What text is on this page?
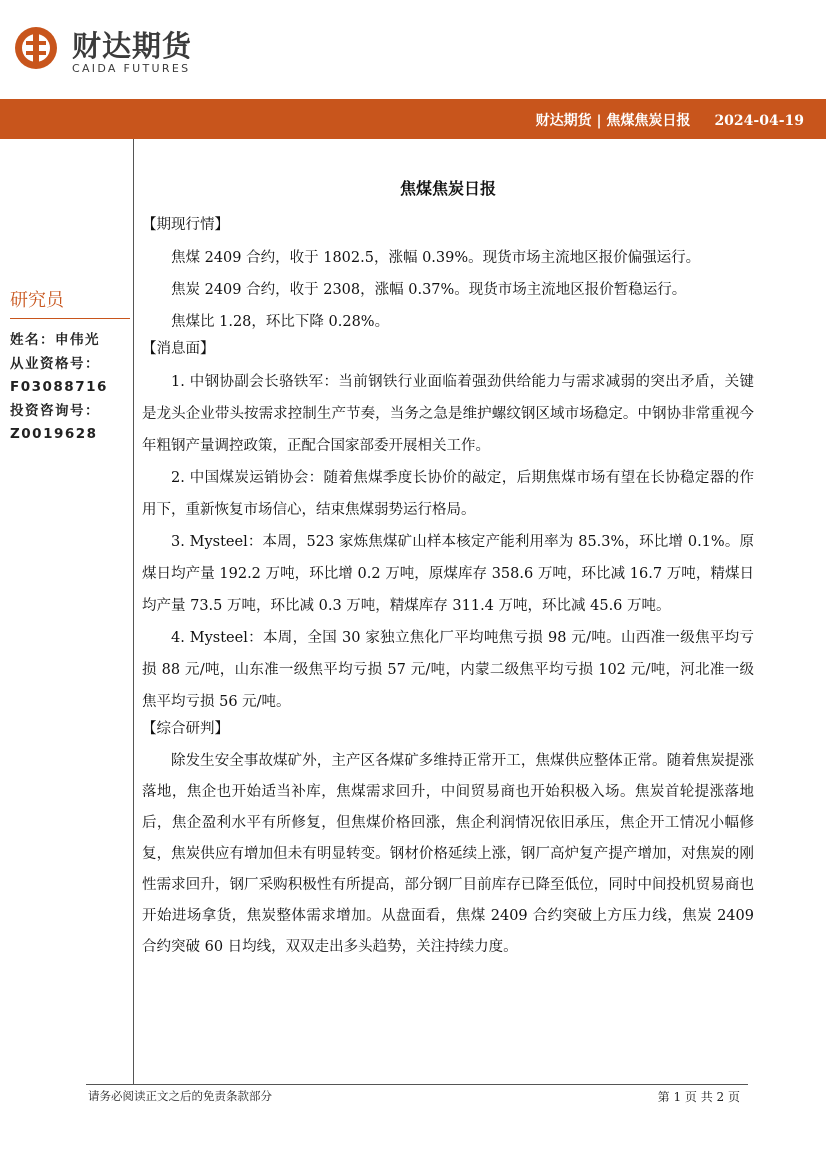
财达期货
CAIDA FUTURES
财达期货 | 焦煤焦炭日报 2024-04-19
研究员
姓名：申伟光
从业资格号：
F03088716
投资咨询号：
Z0019628
焦煤焦炭日报
【期现行情】

焦煤 2409 合约，收于 1802.5，涨幅 0.39%。现货市场主流地区报价偏强运行。

焦炭 2409 合约，收于 2308，涨幅 0.37%。现货市场主流地区报价暂稳运行。

焦煤比 1.28，环比下降 0.28%。

【消息面】

1. 中钢协副会长骆铁军：当前钢铁行业面临着强劲供给能力与需求减弱的突出矛盾，关键是龙头企业带头按需求控制生产节奏，当务之急是维护螺纹钢区域市场稳定。中钢协非常重视今年粗钢产量调控政策，正配合国家部委开展相关工作。

2. 中国煤炭运销协会：随着焦煤季度长协价的敲定，后期焦煤市场有望在长协稳定器的作用下，重新恢复市场信心，结束焦煤弱势运行格局。

3. Mysteel：本周，523 家炼焦煤矿山样本核定产能利用率为 85.3%，环比增 0.1%。原煤日均产量 192.2 万吨，环比增 0.2 万吨，原煤库存 358.6 万吨，环比减 16.7 万吨，精煤日均产量 73.5 万吨，环比减 0.3 万吨，精煤库存 311.4 万吨，环比减 45.6 万吨。

4. Mysteel：本周，全国 30 家独立焦化厂平均吨焦亏损 98 元/吨。山西准一级焦平均亏损 88 元/吨，山东准一级焦平均亏损 57 元/吨，内蒙二级焦平均亏损 102 元/吨，河北准一级焦平均亏损 56 元/吨。

【综合研判】

除发生安全事故煤矿外，主产区各煤矿多维持正常开工，焦煤供应整体正常。随着焦炭提涨落地，焦企也开始适当补库，焦煤需求回升，中间贸易商也开始积极入场。焦炭首轮提涨落地后，焦企盈利水平有所修复，但焦煤价格回涨，焦企利润情况依旧承压，焦企开工情况小幅修复，焦炭供应有增加但未有明显转变。钢材价格延续上涨，钢厂高炉复产提产增加，对焦炭的刚性需求回升，钢厂采购积极性有所提高，部分钢厂目前库存已降至低位，同时中间投机贸易商也开始进场拿货，焦炭整体需求增加。从盘面看，焦煤 2409 合约突破上方压力线，焦炭 2409 合约突破 60 日均线，双双走出多头趋势，关注持续力度。

请务必阅读正文之后的免责条款部分	第 1 页 共 2 页
